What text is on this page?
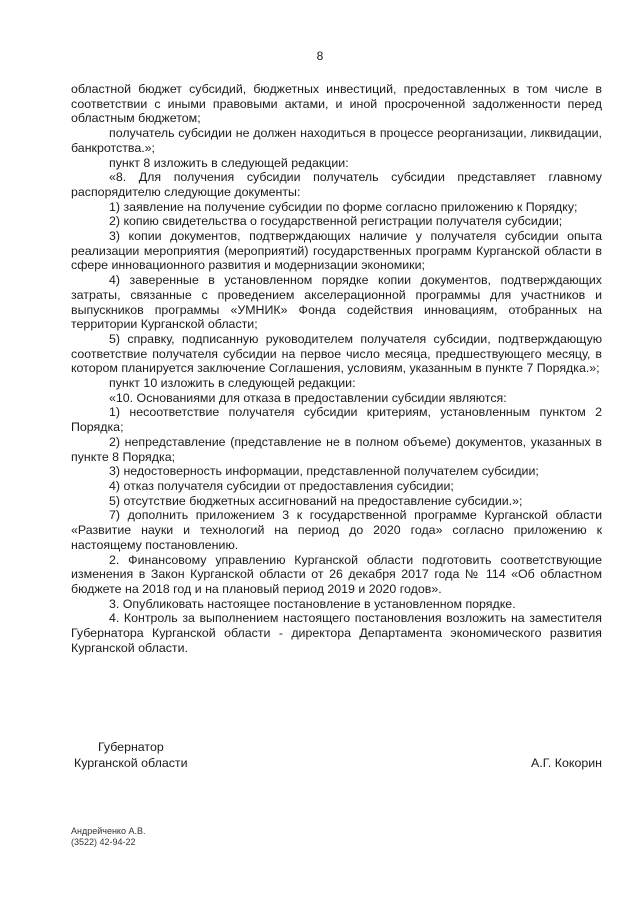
8

областной бюджет субсидий, бюджетных инвестиций, предоставленных в том числе в соответствии с иными правовыми актами, и иной просроченной задолженности перед областным бюджетом;

получатель субсидии не должен находиться в процессе реорганизации, ликвидации, банкротства.»;

пункт 8 изложить в следующей редакции:

«8. Для получения субсидии получатель субсидии представляет главному распорядителю следующие документы:

1) заявление на получение субсидии по форме согласно приложению к Порядку;

2) копию свидетельства о государственной регистрации получателя субсидии;

3) копии документов, подтверждающих наличие у получателя субсидии опыта реализации мероприятия (мероприятий) государственных программ Курганской области в сфере инновационного развития и модернизации экономики;

4) заверенные в установленном порядке копии документов, подтверждающих затраты, связанные с проведением акселерационной программы для участников и выпускников программы «УМНИК» Фонда содействия инновациям, отобранных на территории Курганской области;

5) справку, подписанную руководителем получателя субсидии, подтверждающую соответствие получателя субсидии на первое число месяца, предшествующего месяцу, в котором планируется заключение Соглашения, условиям, указанным в пункте 7 Порядка.»;

пункт 10 изложить в следующей редакции:

«10. Основаниями для отказа в предоставлении субсидии являются:

1) несоответствие получателя субсидии критериям, установленным пунктом 2 Порядка;

2) непредставление (представление не в полном объеме) документов, указанных в пункте 8 Порядка;

3) недостоверность информации, представленной получателем субсидии;

4) отказ получателя субсидии от предоставления субсидии;

5) отсутствие бюджетных ассигнований на предоставление субсидии.»;

7) дополнить приложением 3 к государственной программе Курганской области «Развитие науки и технологий на период до 2020 года» согласно приложению к настоящему постановлению.

2. Финансовому управлению Курганской области подготовить соответствующие изменения в Закон Курганской области от 26 декабря 2017 года № 114 «Об областном бюджете на 2018 год и на плановый период 2019 и 2020 годов».

3. Опубликовать настоящее постановление в установленном порядке.

4. Контроль за выполнением настоящего постановления возложить на заместителя Губернатора Курганской области - директора Департамента экономического развития Курганской области.

Губернатор
Курганской области	А.Г. Кокорин
Андрейченко А.В.
(3522) 42-94-22
